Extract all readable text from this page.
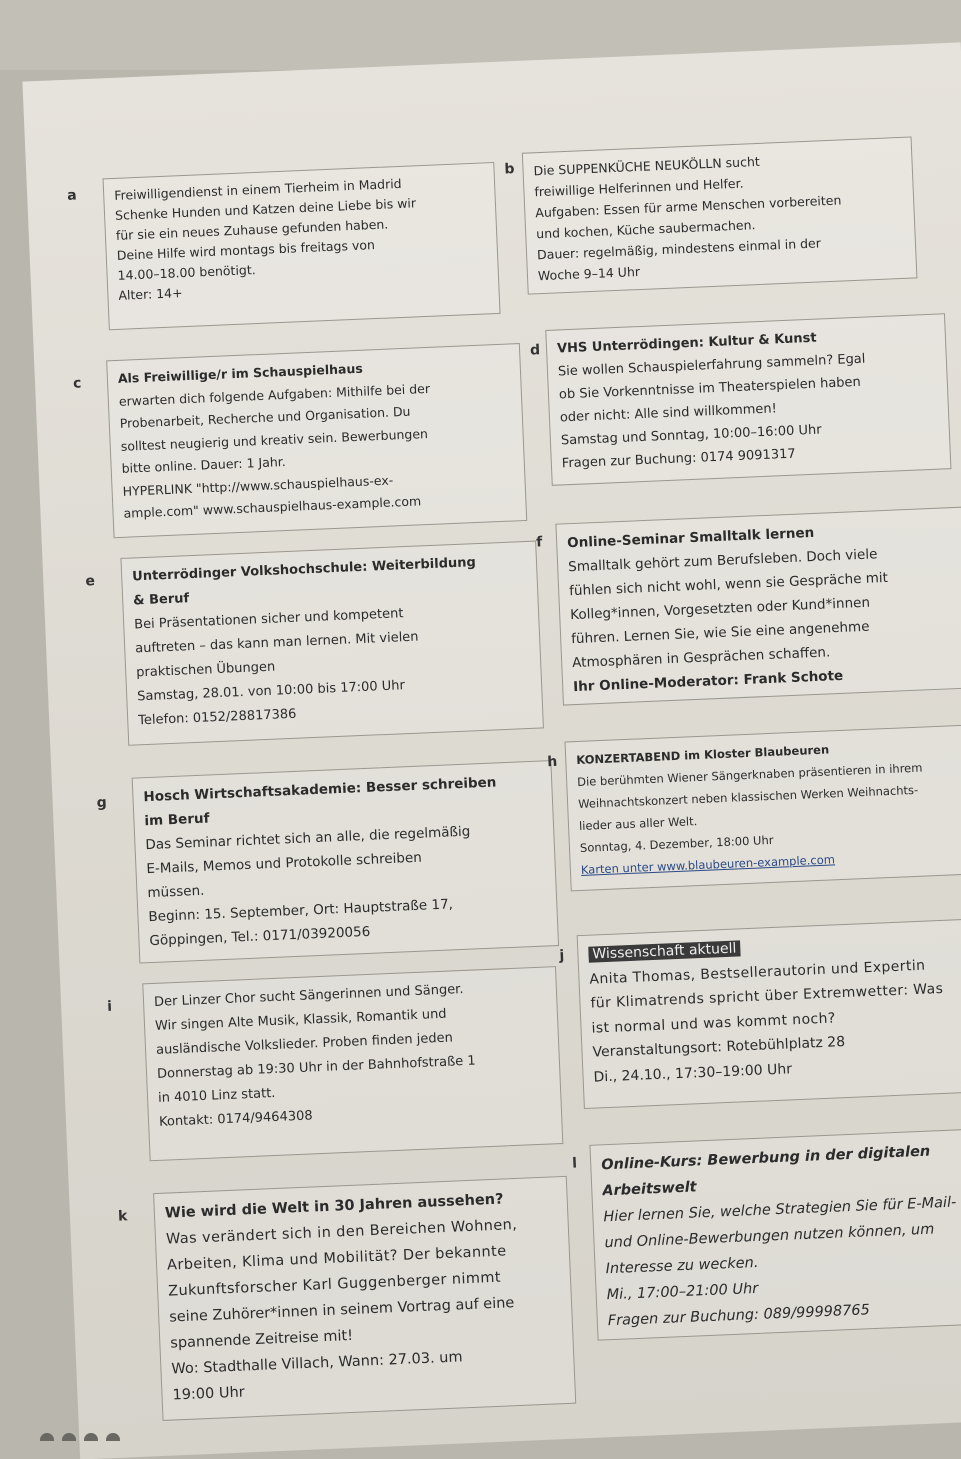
a	Freiwilligendienst in einem Tierheim in Madrid
Schenke Hunden und Katzen deine Liebe bis wir
für sie ein neues Zuhause gefunden haben.
Deine Hilfe wird montags bis freitags von
14.00–18.00 benötigt.
Alter: 14+
b Die SUPPENKÜCHE NEUKÖLLN sucht
freiwillige Helferinnen und Helfer.
Aufgaben: Essen für arme Menschen vorbereiten
und kochen, Küche saubermachen.
Dauer: regelmäßig, mindestens einmal in der
Woche 9–14 Uhr
c	Als Freiwillige/r im Schauspielhaus
erwarten dich folgende Aufgaben: Mithilfe bei der
Probenarbeit, Recherche und Organisation. Du
solltest neugierig und kreativ sein. Bewerbungen
bitte online. Dauer: 1 Jahr.
HYPERLINK "http://www.schauspielhaus-ex-
ample.com" www.schauspielhaus-example.com
d VHS Unterrödingen: Kultur & Kunst
Sie wollen Schauspielerfahrung sammeln? Egal
ob Sie Vorkenntnisse im Theaterspielen haben
oder nicht: Alle sind willkommen!
Samstag und Sonntag, 10:00–16:00 Uhr
Fragen zur Buchung: 0174 9091317
e	Unterrödinger Volkshochschule: Weiterbildung
& Beruf
Bei Präsentationen sicher und kompetent
auftreten – das kann man lernen. Mit vielen
praktischen Übungen
Samstag, 28.01. von 10:00 bis 17:00 Uhr
Telefon: 0152/28817386
f Online-Seminar Smalltalk lernen
Smalltalk gehört zum Berufsleben. Doch viele
fühlen sich nicht wohl, wenn sie Gespräche mit
Kolleg*innen, Vorgesetzten oder Kund*innen
führen. Lernen Sie, wie Sie eine angenehme
Atmosphären in Gesprächen schaffen.
Ihr Online-Moderator: Frank Schote
g	Hosch Wirtschaftsakademie: Besser schreiben
im Beruf
Das Seminar richtet sich an alle, die regelmäßig
E-Mails, Memos und Protokolle schreiben
müssen.
Beginn: 15. September, Ort: Hauptstraße 17,
Göppingen, Tel.: 0171/03920056
h KONZERTABEND im Kloster Blaubeuren
Die berühmten Wiener Sängerknaben präsentieren in ihrem
Weihnachtskonzert neben klassischen Werken Weihnachts-
lieder aus aller Welt.
Sonntag, 4. Dezember, 18:00 Uhr
Karten unter www.blaubeuren-example.com
i	Der Linzer Chor sucht Sängerinnen und Sänger.
Wir singen Alte Musik, Klassik, Romantik und
ausländische Volkslieder. Proben finden jeden
Donnerstag ab 19:30 Uhr in der Bahnhofstraße 1
in 4010 Linz statt.
Kontakt: 0174/9464308
j Wissenschaft aktuell
Anita Thomas, Bestsellerautorin und Expertin
für Klimatrends spricht über Extremwetter: Was
ist normal und was kommt noch?
Veranstaltungsort: Rotebühlplatz 28
Di., 24.10., 17:30–19:00 Uhr
k	Wie wird die Welt in 30 Jahren aussehen?
Was verändert sich in den Bereichen Wohnen,
Arbeiten, Klima und Mobilität? Der bekannte
Zukunftsforscher Karl Guggenberger nimmt
seine Zuhörer*innen in seinem Vortrag auf eine
spannende Zeitreise mit!
Wo: Stadthalle Villach, Wann: 27.03. um
19:00 Uhr
l Online-Kurs: Bewerbung in der digitalen
Arbeitswelt
Hier lernen Sie, welche Strategien Sie für E-Mail-
und Online-Bewerbungen nutzen können, um
Interesse zu wecken.
Mi., 17:00–21:00 Uhr
Fragen zur Buchung: 089/99998765
